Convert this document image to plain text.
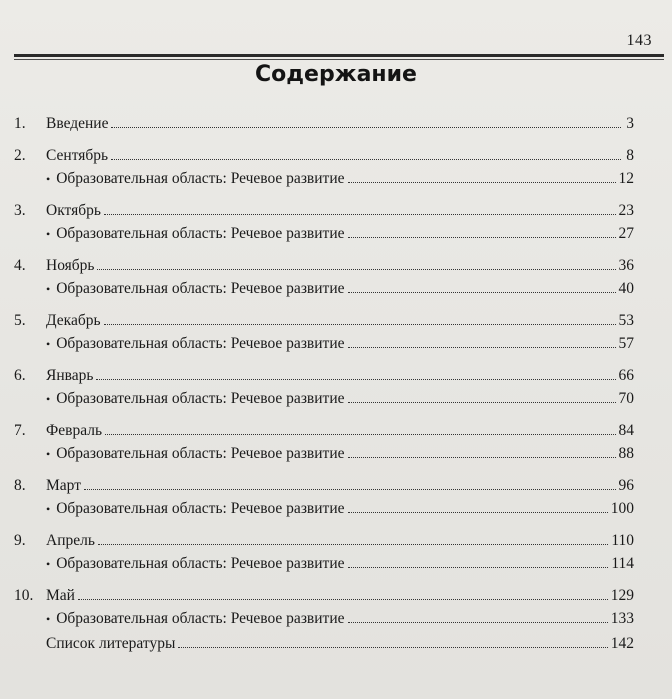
143
Содержание
1.	Введение	3
2.	Сентябрь	8
• Образовательная область: Речевое развитие	12
3.	Октябрь	23
• Образовательная область: Речевое развитие	27
4.	Ноябрь	36
• Образовательная область: Речевое развитие	40
5.	Декабрь	53
• Образовательная область: Речевое развитие	57
6.	Январь	66
• Образовательная область: Речевое развитие	70
7.	Февраль	84
• Образовательная область: Речевое развитие	88
8.	Март	96
• Образовательная область: Речевое развитие	100
9.	Апрель	110
• Образовательная область: Речевое развитие	114
10. Май	129
• Образовательная область: Речевое развитие	133
Список литературы	142
